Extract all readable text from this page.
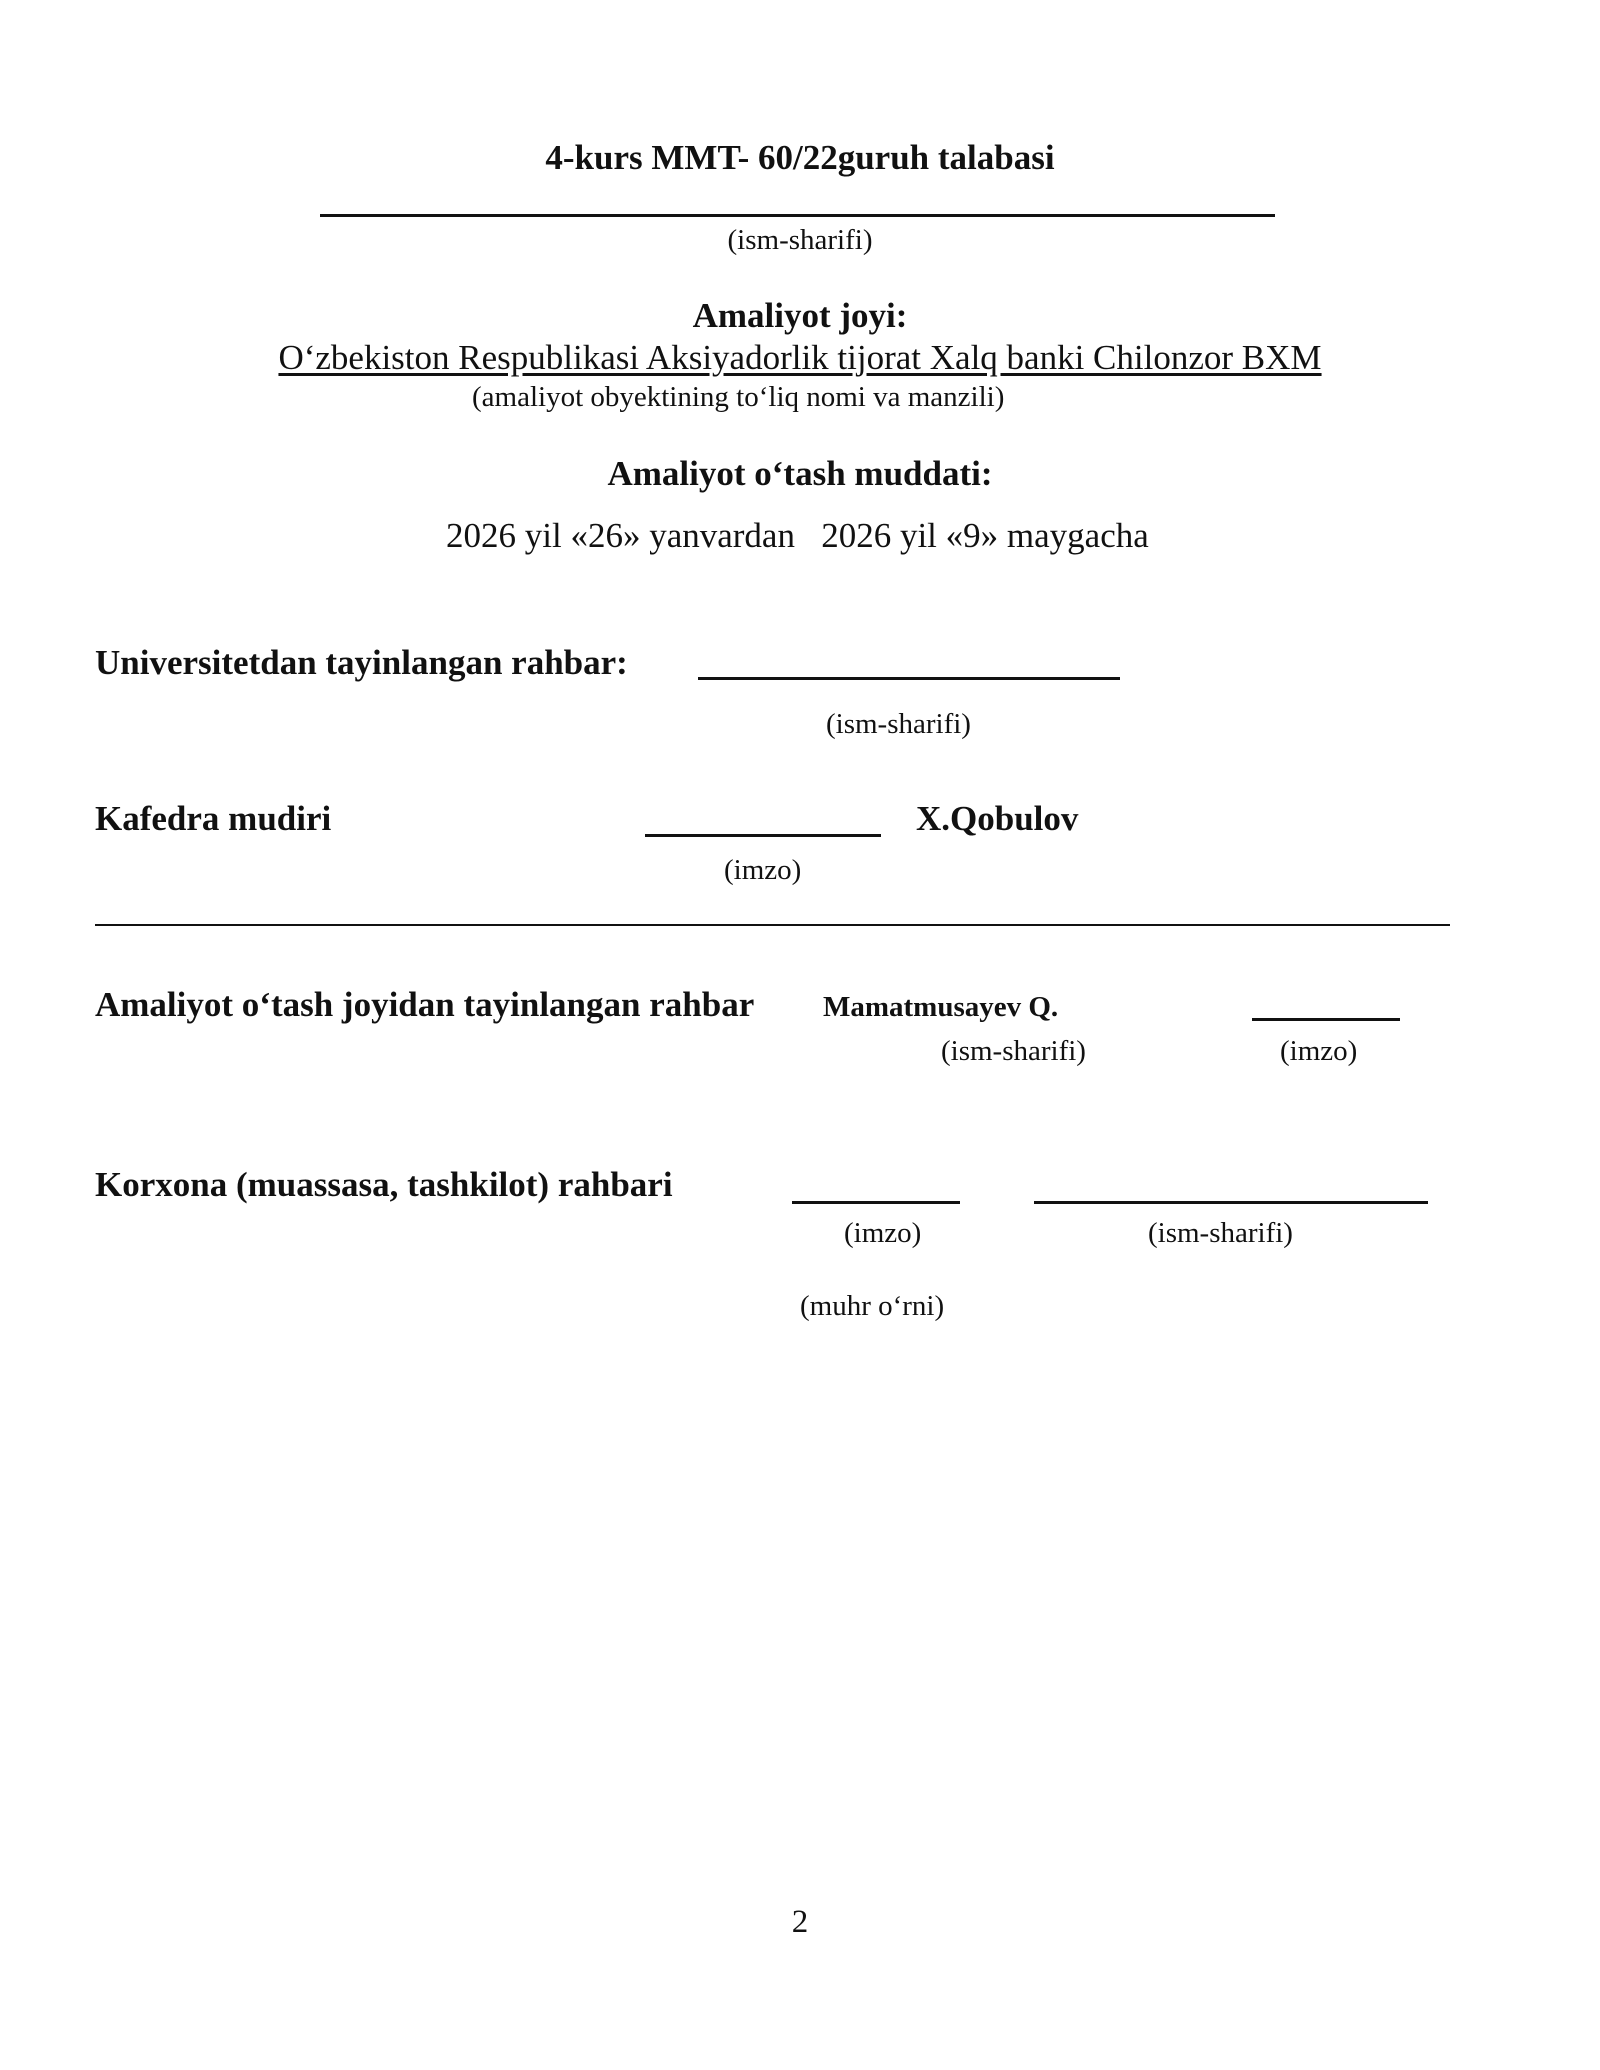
4-kurs MMT- 60/22guruh talabasi
(ism-sharifi)
Amaliyot joyi:
O‘zbekiston Respublikasi Aksiyadorlik tijorat Xalq banki Chilonzor BXM
(amaliyot obyektining to‘liq nomi va manzili)
Amaliyot o‘tash muddati:
2026 yil «26» yanvardan   2026 yil «9» maygacha
Universitetdan tayinlangan rahbar:
(ism-sharifi)
Kafedra mudiri	X.Qobulov
(imzo)
Amaliyot o‘tash joyidan tayinlangan rahbar Mamatmusayev Q.
(ism-sharifi)	(imzo)
Korxona (muassasa, tashkilot) rahbari
(imzo)	(ism-sharifi)
(muhr o‘rni)
2
